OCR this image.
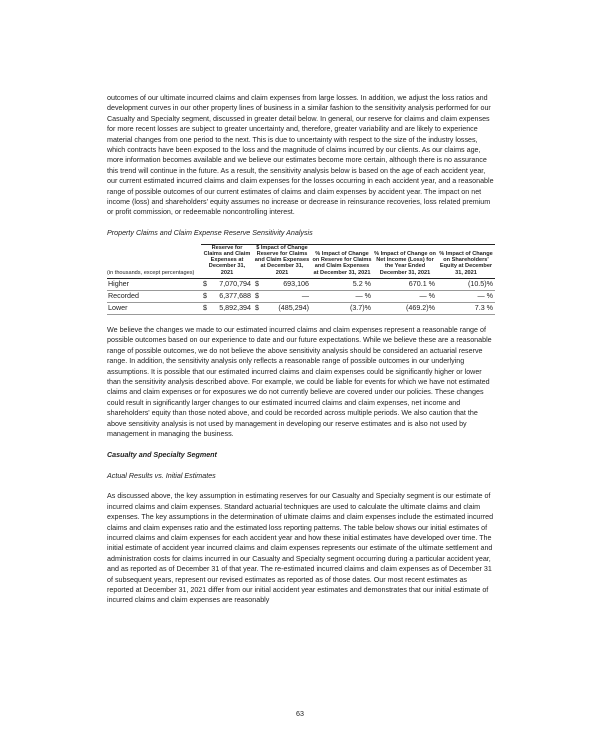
outcomes of our ultimate incurred claims and claim expenses from large losses. In addition, we adjust the loss ratios and development curves in our other property lines of business in a similar fashion to the sensitivity analysis performed for our Casualty and Specialty segment, discussed in greater detail below. In general, our reserve for claims and claim expenses for more recent losses are subject to greater uncertainty and, therefore, greater variability and are likely to experience material changes from one period to the next. This is due to uncertainty with respect to the size of the industry losses, which contracts have been exposed to the loss and the magnitude of claims incurred by our clients. As our claims age, more information becomes available and we believe our estimates become more certain, although there is no assurance this trend will continue in the future. As a result, the sensitivity analysis below is based on the age of each accident year, our current estimated incurred claims and claim expenses for the losses occurring in each accident year, and a reasonable range of possible outcomes of our current estimates of claims and claim expenses by accident year. The impact on net income (loss) and shareholders' equity assumes no increase or decrease in reinsurance recoveries, loss related premium or profit commission, or redeemable noncontrolling interest.

Property Claims and Claim Expense Reserve Sensitivity Analysis

(in thousands, except percentages)	Reserve for Claims and Claim Expenses at December 31, 2021	$ Impact of Change Reserve for Claims and Claim Expenses at December 31, 2021	% Impact of Change on Reserve for Claims and Claim Expenses at December 31, 2021	% Impact of Change on Net Income (Loss) for the Year Ended December 31, 2021	% Impact of Change on Shareholders' Equity at December 31, 2021
Higher	$ 7,070,794	$ 693,106	5.2 %	670.1 %	(10.5)%
Recorded	$ 6,377,688	$ —	— %	— %	— %
Lower	$ 5,892,394	$ (485,294)	(3.7)%	(469.2)%	7.3 %

We believe the changes we made to our estimated incurred claims and claim expenses represent a reasonable range of possible outcomes based on our experience to date and our future expectations. While we believe these are a reasonable range of possible outcomes, we do not believe the above sensitivity analysis should be considered an actuarial reserve range. In addition, the sensitivity analysis only reflects a reasonable range of possible outcomes in our underlying assumptions. It is possible that our estimated incurred claims and claim expenses could be significantly higher or lower than the sensitivity analysis described above. For example, we could be liable for events for which we have not estimated claims and claim expenses or for exposures we do not currently believe are covered under our policies. These changes could result in significantly larger changes to our estimated incurred claims and claim expenses, net income and shareholders' equity than those noted above, and could be recorded across multiple periods. We also caution that the above sensitivity analysis is not used by management in developing our reserve estimates and is also not used by management in managing the business.

Casualty and Specialty Segment

Actual Results vs. Initial Estimates

As discussed above, the key assumption in estimating reserves for our Casualty and Specialty segment is our estimate of incurred claims and claim expenses. Standard actuarial techniques are used to calculate the ultimate claims and claim expenses. The key assumptions in the determination of ultimate claims and claim expenses include the estimated incurred claims and claim expenses ratio and the estimated loss reporting patterns. The table below shows our initial estimates of incurred claims and claim expenses for each accident year and how these initial estimates have developed over time. The initial estimate of accident year incurred claims and claim expenses represents our estimate of the ultimate settlement and administration costs for claims incurred in our Casualty and Specialty segment occurring during a particular accident year, and as reported as of December 31 of that year. The re-estimated incurred claims and claim expenses as of December 31 of subsequent years, represent our revised estimates as reported as of those dates. Our most recent estimates as reported at December 31, 2021 differ from our initial accident year estimates and demonstrates that our initial estimate of incurred claims and claim expenses are reasonably

63
